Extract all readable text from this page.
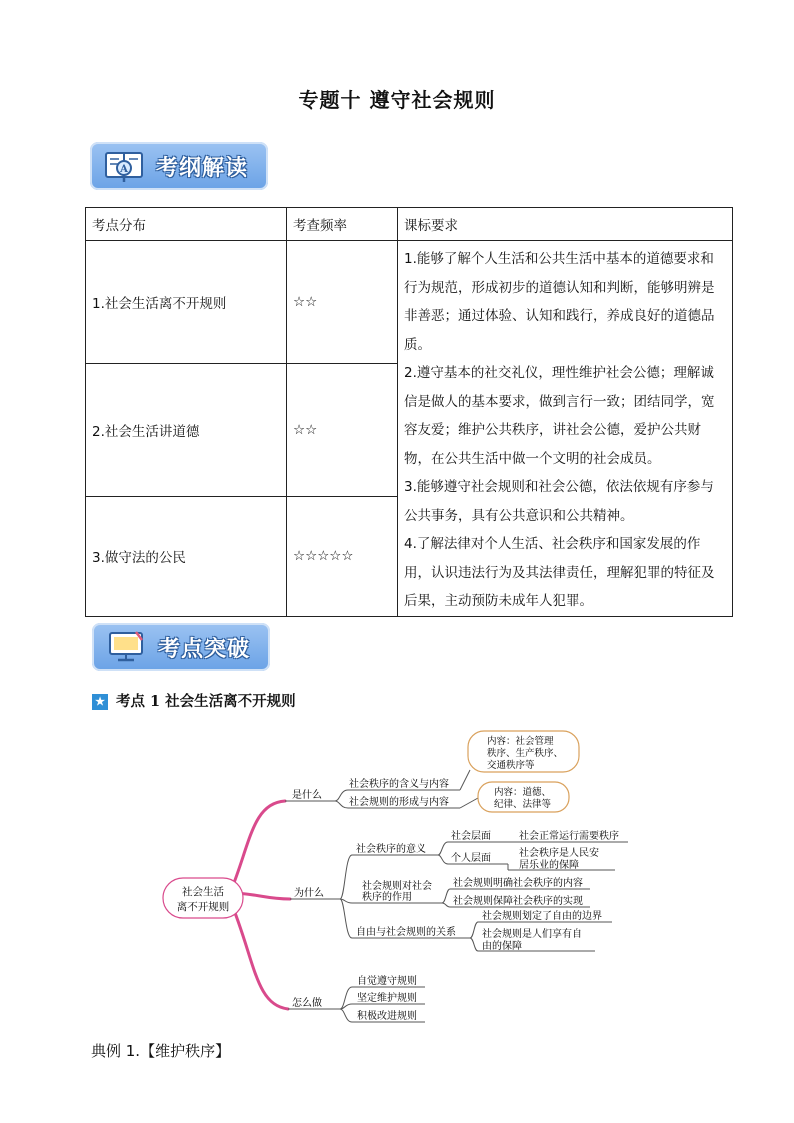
专题十 遵守社会规则
A 考纲解读
考点分布	考查频率	课标要求
1.社会生活离不开规则	☆☆	1.能够了解个人生活和公共生活中基本的道德要求和行为规范，形成初步的道德认知和判断，能够明辨是非善恶；通过体验、认知和践行，养成良好的道德品质。

2.遵守基本的社交礼仪，理性维护社会公德；理解诚信是做人的基本要求，做到言行一致；团结同学，宽容友爱；维护公共秩序，讲社会公德，爱护公共财物，在公共生活中做一个文明的社会成员。

3.能够遵守社会规则和社会公德，依法依规有序参与公共事务，具有公共意识和公共精神。

4.了解法律对个人生活、社会秩序和国家发展的作用，认识违法行为及其法律责任，理解犯罪的特征及后果，主动预防未成年人犯罪。

2.社会生活讲道德	☆☆	
3.做守法的公民	☆☆☆☆☆	
考点突破
★ 考点 1 社会生活离不开规则
社会生活
离不开规则
内容：社会管理
秩序、生产秩序、
交通秩序等
内容：道德、
纪律、法律等
是什么
为什么
怎么做
社会秩序的含义与内容
社会规则的形成与内容
社会秩序的意义
社会层面	社会正常运行需要秩序
个人层面	社会秩序是人民安
居乐业的保障
社会规则对社会
秩序的作用
社会规则明确社会秩序的内容
社会规则保障社会秩序的实现
自由与社会规则的关系
社会规则划定了自由的边界
社会规则是人们享有自
由的保障
自觉遵守规则
坚定维护规则
积极改进规则
典例 1.【维护秩序】
